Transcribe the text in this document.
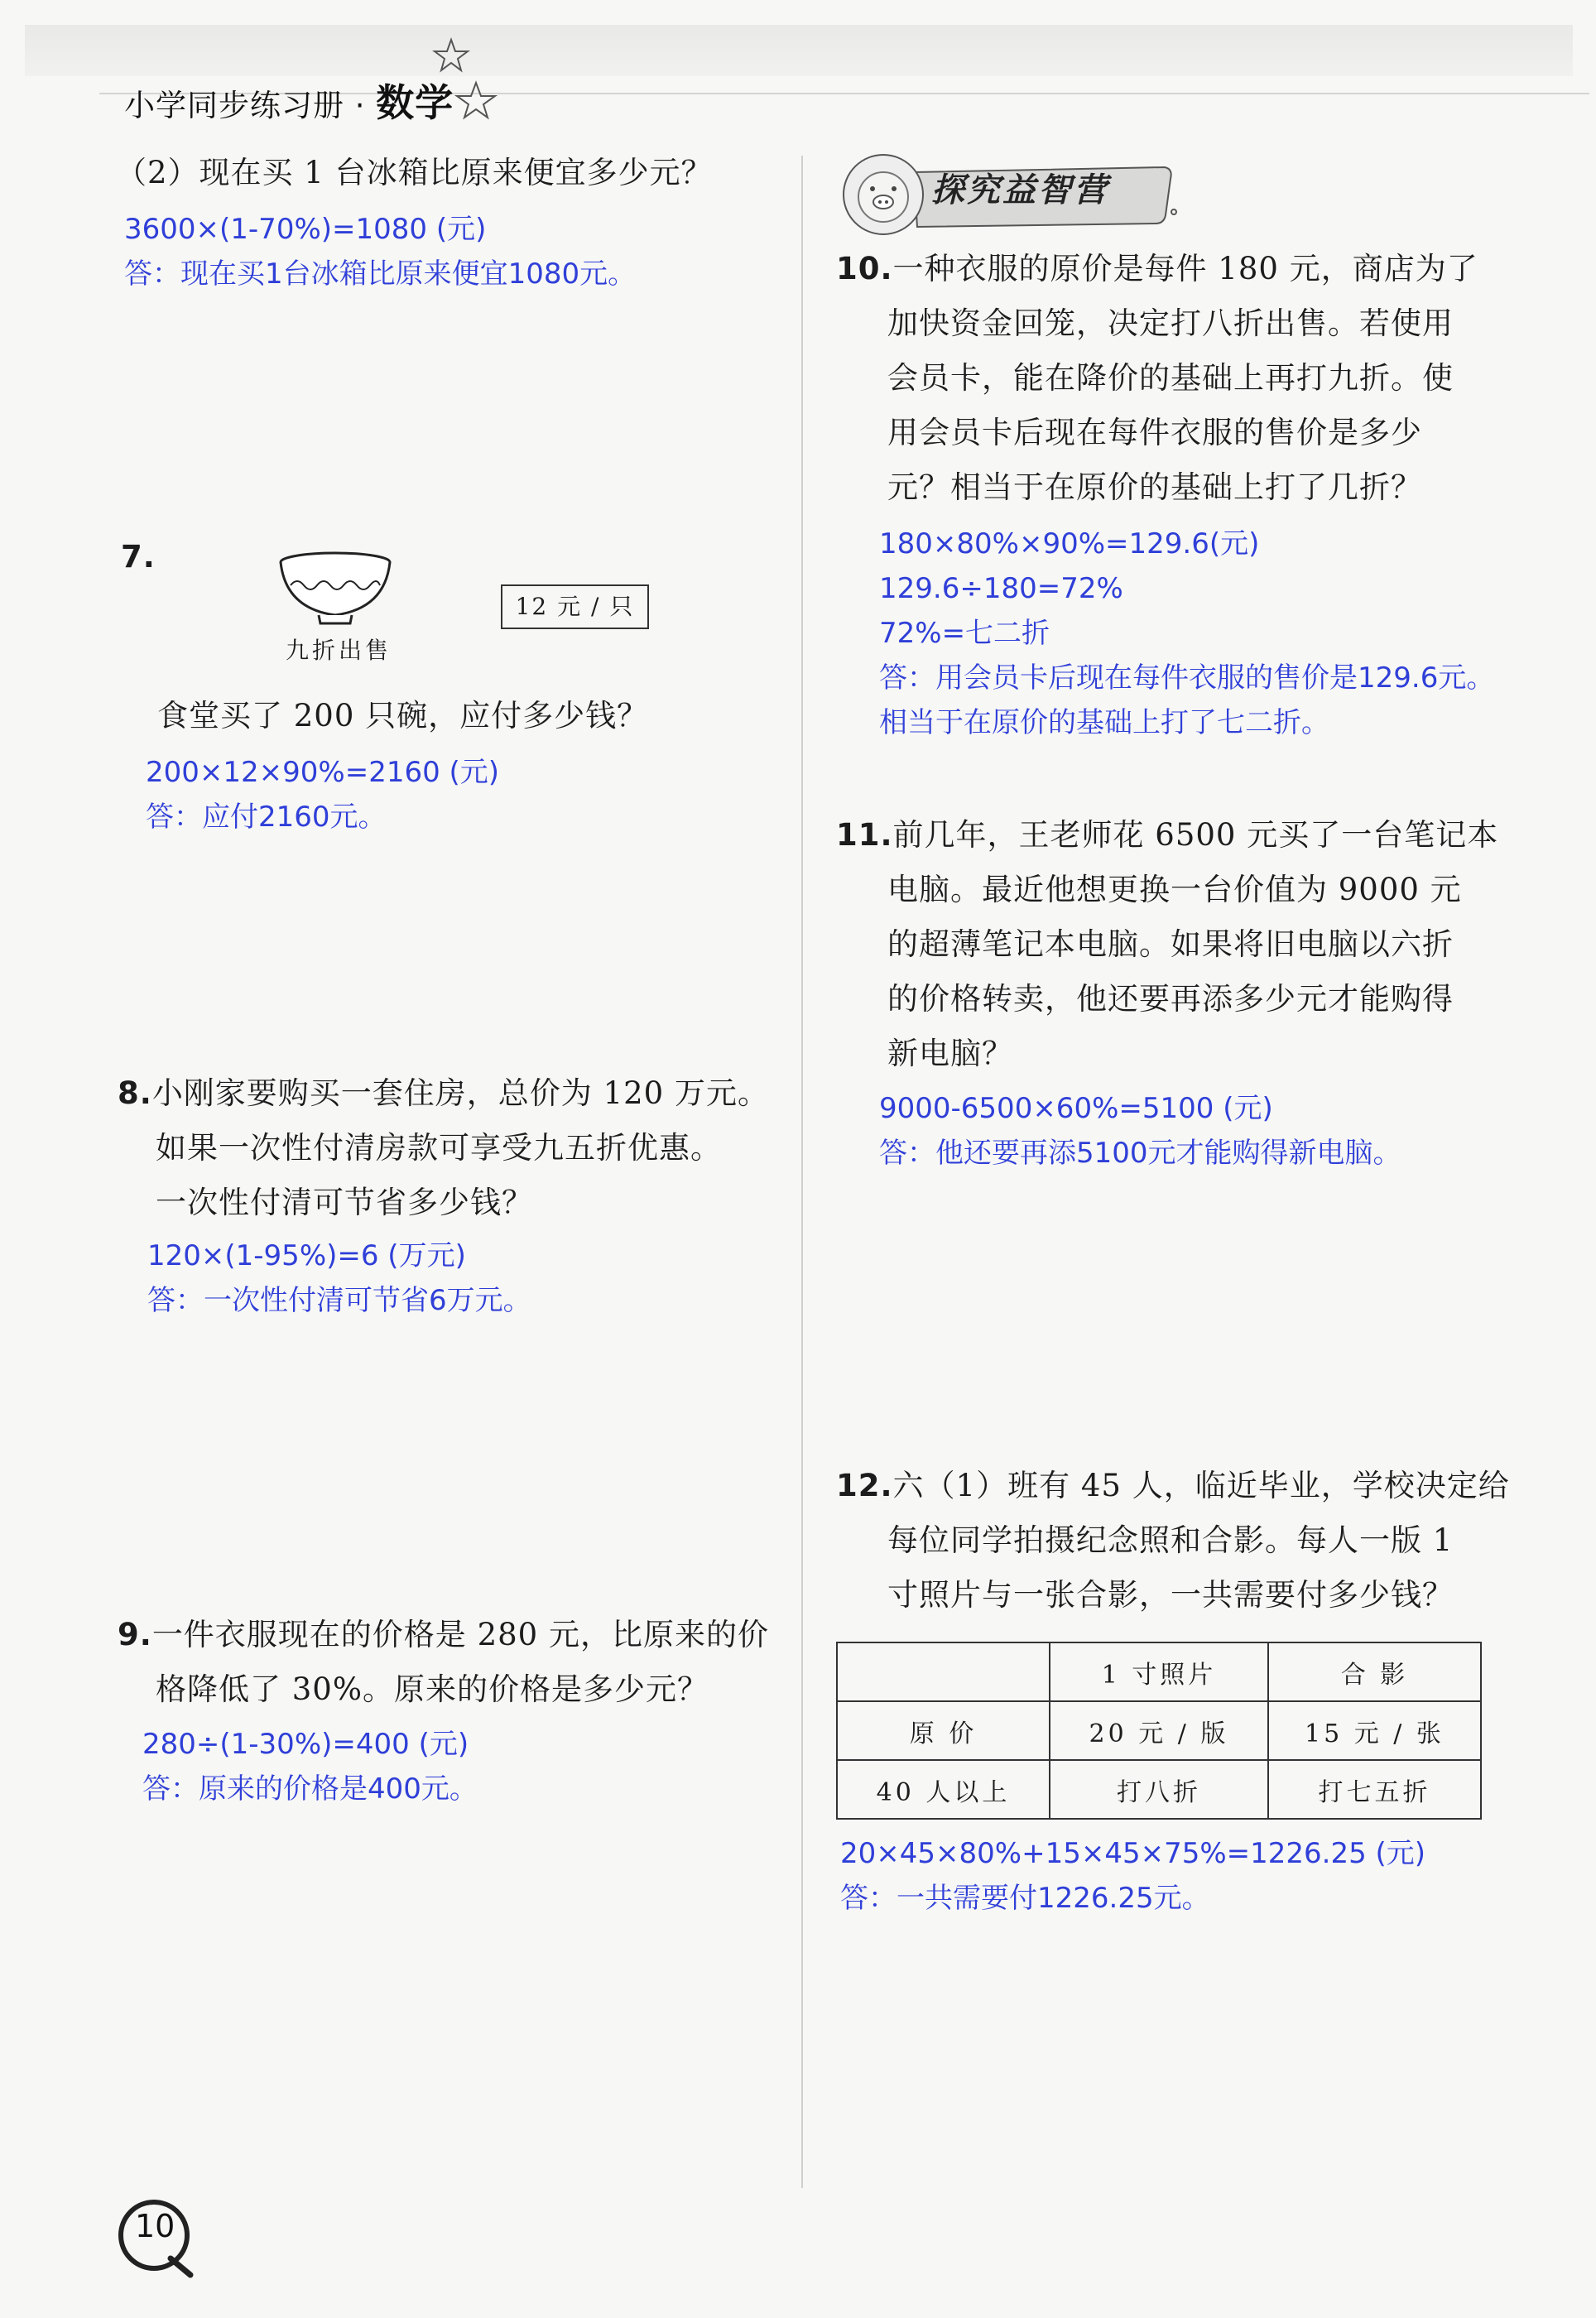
小学同步练习册 · 数学
（2）现在买 1 台冰箱比原来便宜多少元？
3600×(1-70%)=1080 (元)
答：现在买1台冰箱比原来便宜1080元。
7.
九折出售
12 元 / 只
食堂买了 200 只碗，应付多少钱？
200×12×90%=2160 (元)
答：应付2160元。
8.小刚家要购买一套住房，总价为 120 万元。
如果一次性付清房款可享受九五折优惠。
一次性付清可节省多少钱？
120×(1-95%)=6 (万元)
答：一次性付清可节省6万元。
9.一件衣服现在的价格是 280 元，比原来的价
格降低了 30%。原来的价格是多少元？
280÷(1-30%)=400 (元)
答：原来的价格是400元。
探究益智营
10.一种衣服的原价是每件 180 元，商店为了
加快资金回笼，决定打八折出售。若使用
会员卡，能在降价的基础上再打九折。使
用会员卡后现在每件衣服的售价是多少
元？相当于在原价的基础上打了几折？
180×80%×90%=129.6(元)
129.6÷180=72%
72%=七二折
答：用会员卡后现在每件衣服的售价是129.6元。
相当于在原价的基础上打了七二折。
11.前几年，王老师花 6500 元买了一台笔记本
电脑。最近他想更换一台价值为 9000 元
的超薄笔记本电脑。如果将旧电脑以六折
的价格转卖，他还要再添多少元才能购得
新电脑？
9000-6500×60%=5100 (元)
答：他还要再添5100元才能购得新电脑。
12.六（1）班有 45 人，临近毕业，学校决定给
每位同学拍摄纪念照和合影。每人一版 1
寸照片与一张合影，一共需要付多少钱？
	1 寸照片	合 影
原 价	20 元 / 版	15 元 / 张
40 人以上	打八折	打七五折
20×45×80%+15×45×75%=1226.25 (元)
答：一共需要付1226.25元。
10
